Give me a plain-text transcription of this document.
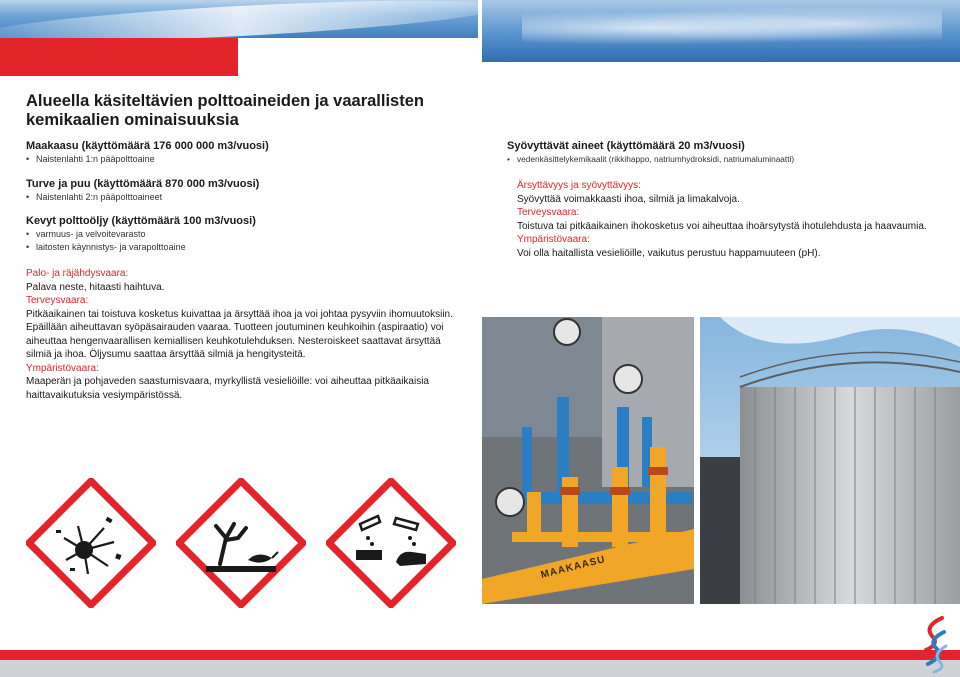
Alueella käsiteltävien polttoaineiden ja vaarallisten kemikaalien ominaisuuksia
Maakaasu (käyttömäärä 176 000 000 m3/vuosi)
• Naistenlahti 1:n pääpolttoaine
Turve ja puu (käyttömäärä 870 000 m3/vuosi)
• Naistenlahti 2:n pääpolttoaineet
Kevyt polttoöljy (käyttömäärä 100 m3/vuosi)
• varmuus- ja velvoitevarasto
• laitosten käynnistys- ja varapolttoaine
Palo- ja räjähdysvaara:
Palava neste, hitaasti haihtuva.
Terveysvaara:
Pitkäaikainen tai toistuva kosketus kuivattaa ja ärsyttää ihoa ja voi johtaa pysyviin ihomuutoksiin. Epäillään aiheuttavan syöpäsairauden vaaraa. Tuotteen joutuminen keuhkoihin (aspiraatio) voi aiheuttaa hengenvaarallisen kemiallisen keuhkotulehduksen. Nesteroiskeet saattavat ärsyttää silmiä ja ihoa. Öljysumu saattaa ärsyttää silmiä ja hengitysteitä.
Ympäristövaara:
Maaperän ja pohjaveden saastumisvaara, myrkyllistä vesieliöille: voi aiheuttaa pitkäaikaisia haittavaikutuksia vesiympäristössä.
Syövyttävät aineet (käyttömäärä 20 m3/vuosi)
• vedenkäsittelykemikaalit (rikkihappo, natriumhydroksidi, natriumaluminaatti)
Ärsyttävyys ja syövyttävyys:
Syövyttää voimakkaasti ihoa, silmiä ja limakalvoja.
Terveysvaara:
Toistuva tai pitkäaikainen ihokosketus voi aiheuttaa ihoärsytystä ihotulehdusta ja haavaumia.
Ympäristövaara:
Voi olla haitallista vesieliöille, vaikutus perustuu happamuuteen (pH).
MAAKAASU
